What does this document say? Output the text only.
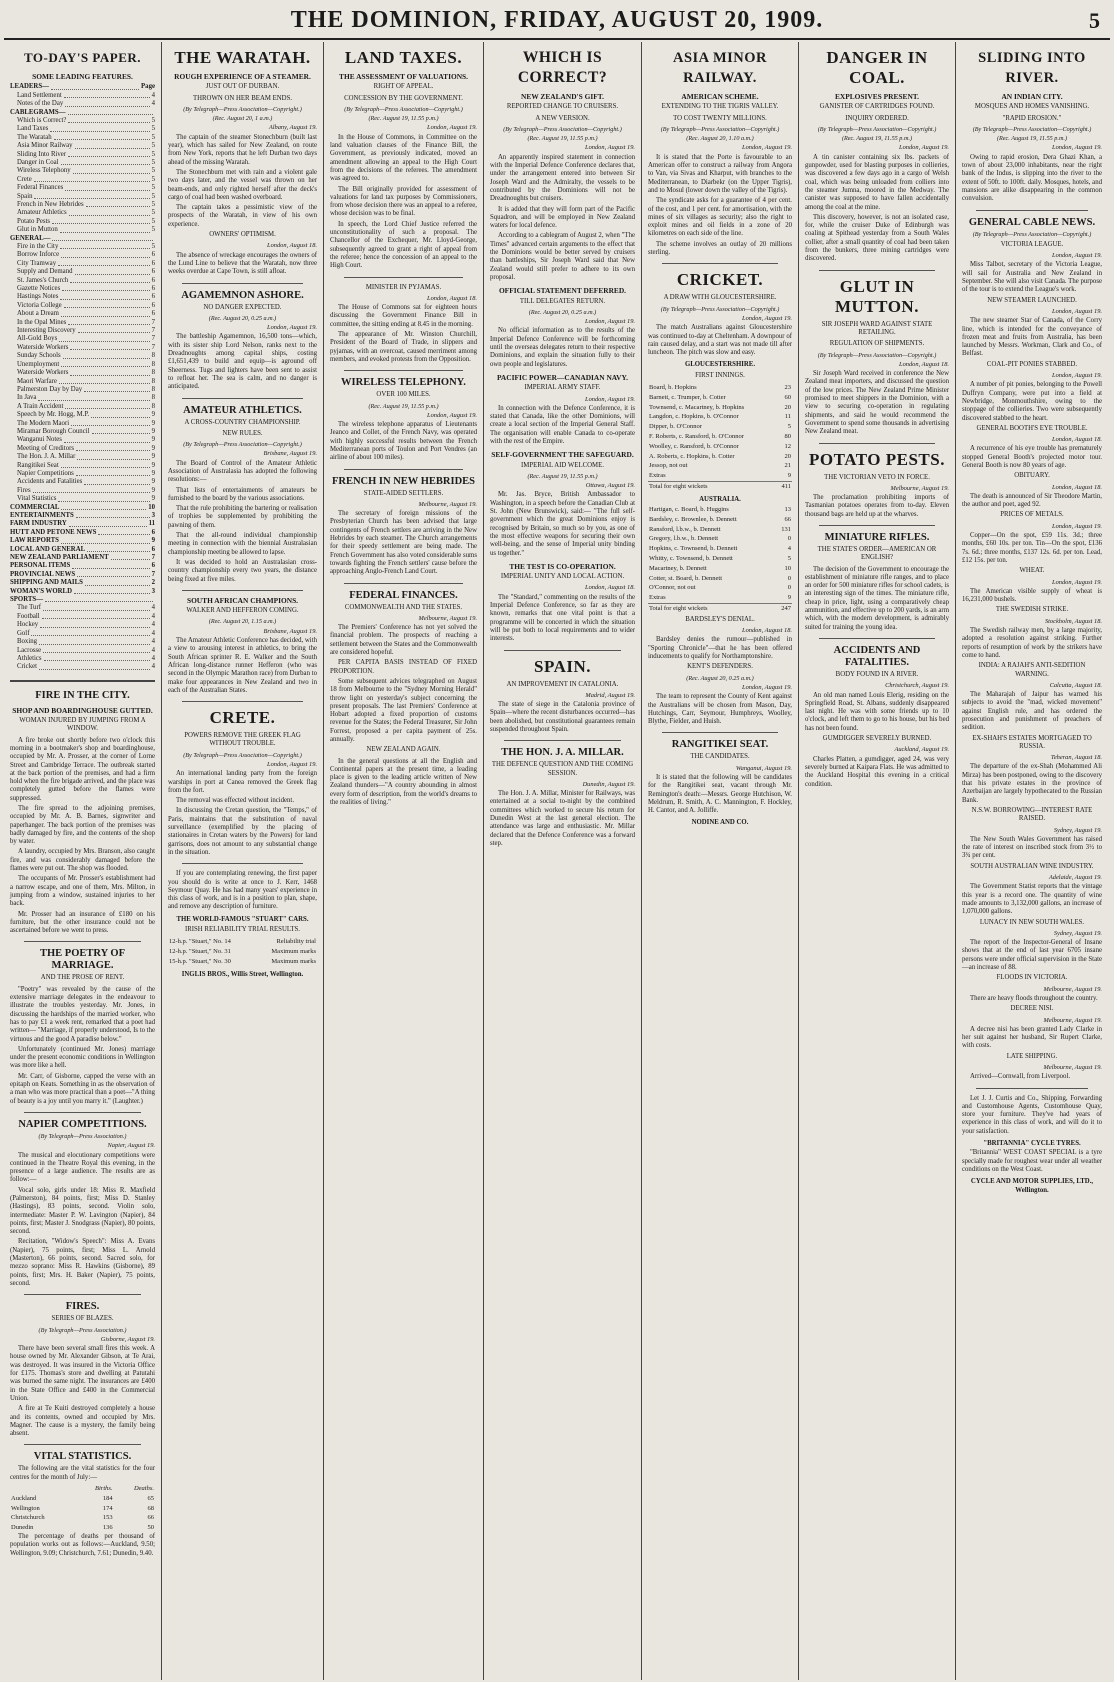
THE DOMINION, FRIDAY, AUGUST 20, 1909.	5
TO-DAY'S PAPER.
SOME LEADING FEATURES.
LEADERS—	Page
Land Settlement	4
Notes of the Day	4
CABLEGRAMS—
Which is Correct?	5
Land Taxes	5
The Waratah	5
Asia Minor Railway	5
Sliding Into River	5
Danger in Coal	5
Wireless Telephony	5
Crete	5
Federal Finances	5
Spain	5
French in New Hebrides	5
Amateur Athletics	5
Potato Pests	5
Glut in Mutton	5
GENERAL—
Fire in the City	5
Borrow Inforce	6
City Tramway	6
Supply and Demand	6
St. James's Church	6
Gazette Notices	6
Hastings Notes	6
Victoria College	6
About a Dream	6
In the Opal Mines	7
Interesting Discovery	7
All-Gold Boys	7
Waterside Workers	7
Sunday Schools	8
Unemployment	8
Waterside Workers	8
Maori Warfare	8
Palmerston Day by Day	8
In Java	8
A Train Accident	8
Speech by Mr. Hogg, M.P.	9
The Modern Maori	9
Miramar Borough Council	9
Wanganui Notes	9
Meeting of Creditors	9
The Hon. J. A. Millar	9
Rangitikei Seat	9
Napier Competitions	9
Accidents and Fatalities	9
Fires	9
Vital Statistics	9
COMMERCIAL	10
ENTERTAINMENTS	3
FARM INDUSTRY	11
HUTT AND PETONE NEWS	6
LAW REPORTS	9
LOCAL AND GENERAL	6
NEW ZEALAND PARLIAMENT	7
PERSONAL ITEMS	6
PROVINCIAL NEWS	7
SHIPPING AND MAILS	2
WOMAN'S WORLD	3
SPORTS—
The Turf	4
Football	4
Hockey	4
Golf	4
Boxing	4
Lacrosse	4
Athletics	4
Cricket	4
FIRE IN THE CITY.
SHOP AND BOARDINGHOUSE GUTTED.
WOMAN INJURED BY JUMPING FROM A WINDOW.

A fire broke out shortly before two o'clock this morning in a bootmaker's shop and boardinghouse, occupied by Mr. A. Prosser, at the corner of Lorne Street and Cambridge Terrace. The outbreak started at the back portion of the premises, and had a firm hold when the fire brigade arrived, and the place was completely gutted before the flames were suppressed.

The fire spread to the adjoining premises, occupied by Mr. A. B. Barnes, signwriter and paperhanger. The back portion of the premises was badly damaged by fire, and the contents of the shop by water.

A laundry, occupied by Mrs. Branson, also caught fire, and was considerably damaged before the flames were put out. The shop was flooded.

The occupants of Mr. Prosser's establishment had a narrow escape, and one of them, Mrs. Milton, in jumping from a window, sustained injuries to her back.

Mr. Prosser had an insurance of £180 on his furniture, but the other insurance could not be ascertained before we went to press.

THE POETRY OF MARRIAGE.
AND THE PROSE OF RENT.

"Poetry" was revealed by the cause of the extensive marriage delegates in the endeavour to illustrate the troubles yesterday. Mr. Jones, in discussing the hardships of the married worker, who has to pay £1 a week rent, remarked that a poet had written— "Marriage, if properly understood, Is to the virtuous and the good A paradise below."

Unfortunately (continued Mr. Jones) marriage under the present economic conditions in Wellington was more like a hell.

Mr. Carr, of Gisborne, capped the verse with an epitaph on Keats. Something in as the observation of a man who was more practical than a poet—"A thing of beauty is a joy until you marry it." (Laughter.)

NAPIER COMPETITIONS.
(By Telegraph—Press Association.)
Napier, August 19.

The musical and elocutionary competitions were continued in the Theatre Royal this evening, in the presence of a large audience. The results are as follow:—

Vocal solo, girls under 18: Miss R. Maxfield (Palmerston), 84 points, first; Miss D. Stanley (Hastings), 83 points, second. Violin solo, intermediate: Master P. W. Lavington (Napier), 84 points, first; Master J. Snodgrass (Napier), 80 points, second.

Recitation, "Widow's Speech": Miss A. Evans (Napier), 75 points, first; Miss L. Arnold (Masterton), 66 points, second. Sacred solo, for mezzo soprano: Miss R. Hawkins (Gisborne), 89 points, first; Mrs. H. Baker (Napier), 75 points, second.

FIRES.
SERIES OF BLAZES.
(By Telegraph—Press Association.)
Gisborne, August 19.

There have been several small fires this week. A house owned by Mr. Alexander Gibson, at Te Arai, was destroyed. It was insured in the Victoria Office for £175. Thomas's store and dwelling at Patutahi was burned the same night. The insurances are £400 in the State Office and £400 in the Commercial Union.

A fire at Te Kuiti destroyed completely a house and its contents, owned and occupied by Mrs. Magner. The cause is a mystery, the family being absent.

VITAL STATISTICS.

The following are the vital statistics for the four centres for the month of July:—

	Births.	Deaths.
Auckland	184	65
Wellington	174	68
Christchurch	153	66
Dunedin	136	50

The percentage of deaths per thousand of population works out as follows:—Auckland, 9.50; Wellington, 9.09; Christchurch, 7.61; Dunedin, 9.40.

THE WARATAH.
ROUGH EXPERIENCE OF A STEAMER.
JUST OUT OF DURBAN.
THROWN ON HER BEAM ENDS.
(By Telegraph—Press Association—Copyright.)
(Rec. August 20, 1 a.m.)
Albany, August 19.

The captain of the steamer Stonechburn (built last year), which has sailed for New Zealand, on route from New York, reports that he left Durban two days ahead of the missing Waratah.

The Stonechburn met with rain and a violent gale two days later, and the vessel was thrown on her beam-ends, and only righted herself after the deck's cargo of coal had been washed overboard.

The captain takes a pessimistic view of the prospects of the Waratah, in view of his own experience.

OWNERS' OPTIMISM.
London, August 18.

The absence of wreckage encourages the owners of the Lund Line to believe that the Waratah, now three weeks overdue at Cape Town, is still afloat.

AGAMEMNON ASHORE.
NO DANGER EXPECTED.
(Rec. August 20, 0.25 a.m.)
London, August 19.

The battleship Agamemnon, 16,500 tons—which, with its sister ship Lord Nelson, ranks next to the Dreadnoughts among capital ships, costing £1,651,439 to build and equip—is aground off Sheerness. Tugs and lighters have been sent to assist to refloat her. The sea is calm, and no danger is anticipated.

AMATEUR ATHLETICS.
A CROSS-COUNTRY CHAMPIONSHIP.
NEW RULES.
(By Telegraph—Press Association—Copyright.)
Brisbane, August 19.

The Board of Control of the Amateur Athletic Association of Australasia has adopted the following resolutions:—

That lists of entertainments of amateurs be furnished to the board by the various associations.

That the rule prohibiting the bartering or realisation of trophies be supplemented by prohibiting the pawning of them.

That the all-round individual championship meeting in connection with the biennial Australasian championship meeting be allowed to lapse.

It was decided to hold an Australasian cross-country championship every two years, the distance being fixed at five miles.

SOUTH AFRICAN CHAMPIONS.
WALKER AND HEFFERON COMING.
(Rec. August 20, 1.15 a.m.)
Brisbane, August 19.

The Amateur Athletic Conference has decided, with a view to arousing interest in athletics, to bring the South African sprinter R. E. Walker and the South African long-distance runner Hefferon (who was second in the Olympic Marathon race) from Durban to make four appearances in New Zealand and two in each of the Australian States.

CRETE.
POWERS REMOVE THE GREEK FLAG WITHOUT TROUBLE.
(By Telegraph—Press Association—Copyright.)
London, August 19.

An international landing party from the foreign warships in port at Canea removed the Greek flag from the fort.

The removal was effected without incident.

In discussing the Cretan question, the "Temps," of Paris, maintains that the substitution of naval surveillance (exemplified by the placing of stationaires in Cretan waters by the Powers) for land garrisons, does not amount to any substantial change in the situation.

If you are contemplating renewing, the first paper you should do is write at once to J. Kerr, 1468 Seymour Quay. He has had many years' experience in this class of work, and is in a position to plan, shape, and remove any description of furniture.

THE WORLD-FAMOUS "STUART" CARS.
IRISH RELIABILITY TRIAL RESULTS.
12-h.p. "Stuart," No. 14	Reliability trial
12-h.p. "Stuart," No. 31	Maximum marks
15-h.p. "Stuart," No. 30	Maximum marks
INGLIS BROS., Willis Street, Wellington.
LAND TAXES.
THE ASSESSMENT OF VALUATIONS.
RIGHT OF APPEAL.
CONCESSION BY THE GOVERNMENT.
(By Telegraph—Press Association—Copyright.)
(Rec. August 19, 11.55 p.m.)
London, August 19.

In the House of Commons, in Committee on the land valuation clauses of the Finance Bill, the Government, as previously indicated, moved an amendment allowing an appeal to the High Court from the decisions of the referees. The amendment was agreed to.

The Bill originally provided for assessment of valuations for land tax purposes by Commissioners, from whose decision there was an appeal to a referee, whose decision was to be final.

In speech, the Lord Chief Justice referred the unconstitutionality of such a proposal. The Chancellor of the Exchequer, Mr. Lloyd-George, subsequently agreed to grant a right of appeal from the referee; hence the concession of an appeal to the High Court.

MINISTER IN PYJAMAS.
London, August 18.

The House of Commons sat for eighteen hours discussing the Government Finance Bill in committee, the sitting ending at 8.45 in the morning.

The appearance of Mr. Winston Churchill, President of the Board of Trade, in slippers and pyjamas, with an overcoat, caused merriment among members, and evoked protests from the Opposition.

WIRELESS TELEPHONY.
OVER 100 MILES.
(Rec. August 19, 11.55 p.m.)
London, August 19.

The wireless telephone apparatus of Lieutenants Jeanco and Collet, of the French Navy, was operated with highly successful results between the French Mediterranean ports of Toulon and Port Vendres (an airline of about 100 miles).

FRENCH IN NEW HEBRIDES
STATE-AIDED SETTLERS.
Melbourne, August 19.

The secretary of foreign missions of the Presbyterian Church has been advised that large contingents of French settlers are arriving in the New Hebrides by each steamer. The Church arrangements for their speedy settlement are being made. The French Government has also voted considerable sums towards fighting the French settlers' cause before the approaching Anglo-French Land Court.

FEDERAL FINANCES.
COMMONWEALTH AND THE STATES.
Melbourne, August 19.

The Premiers' Conference has not yet solved the financial problem. The prospects of reaching a settlement between the States and the Commonwealth are considered hopeful.

PER CAPITA BASIS INSTEAD OF FIXED PROPORTION.

Some subsequent advices telegraphed on August 18 from Melbourne to the "Sydney Morning Herald" throw light on yesterday's subject concerning the present proposals. The last Premiers' Conference at Hobart adopted a fixed proportion of customs revenue for the States; the Federal Treasurer, Sir John Forrest, proposed a per capita payment of 25s. annually.

NEW ZEALAND AGAIN.

In the general questions at all the English and Continental papers at the present time, a leading place is given to the leading article written of New Zealand thunders—"A country abounding in almost every form of description, from the world's dreams to the realities of living."

WHICH IS CORRECT?
NEW ZEALAND'S GIFT.
REPORTED CHANGE TO CRUISERS.
A NEW VERSION.
(By Telegraph—Press Association—Copyright.)
(Rec. August 19, 11.55 p.m.)
London, August 19.

An apparently inspired statement in connection with the Imperial Defence Conference declares that, under the arrangement entered into between Sir Joseph Ward and the Admiralty, the vessels to be contributed by the Dominions will not be Dreadnoughts but cruisers.

It is added that they will form part of the Pacific Squadron, and will be employed in New Zealand waters for local defence.

According to a cablegram of August 2, when "The Times" advanced certain arguments to the effect that the Dominions would be better served by cruisers than battleships, Sir Joseph Ward said that New Zealand would still prefer to adhere to its own proposal.

OFFICIAL STATEMENT DEFERRED.
TILL DELEGATES RETURN.
(Rec. August 20, 0.25 a.m.)
London, August 19.

No official information as to the results of the Imperial Defence Conference will be forthcoming until the overseas delegates return to their respective Dominions, and explain the situation fully to their own people and legislatures.

PACIFIC POWER—CANADIAN NAVY.
IMPERIAL ARMY STAFF.
London, August 19.

In connection with the Defence Conference, it is stated that Canada, like the other Dominions, will create a local section of the Imperial General Staff. The organisation will enable Canada to co-operate with the rest of the Empire.

SELF-GOVERNMENT THE SAFEGUARD.
IMPERIAL AID WELCOME.
(Rec. August 19, 11.55 p.m.)
Ottawa, August 19.

Mr. Jas. Bryce, British Ambassador to Washington, in a speech before the Canadian Club at St. John (New Brunswick), said:— "The full self-government which the great Dominions enjoy is recognised by Britain, so much so by you, as one of the most effective weapons for securing their own well-being, and the sense of Imperial unity binding us together."

THE TEST IS CO-OPERATION.
IMPERIAL UNITY AND LOCAL ACTION.
London, August 18.

The "Standard," commenting on the results of the Imperial Defence Conference, so far as they are known, remarks that one vital point is that a programme will be concerted in which the situation will be put both to local requirements and to wider interests.

SPAIN.
AN IMPROVEMENT IN CATALONIA.
Madrid, August 19.

The state of siege in the Catalonia province of Spain—where the recent disturbances occurred—has been abolished, but constitutional guarantees remain suspended throughout Spain.

THE HON. J. A. MILLAR.
THE DEFENCE QUESTION AND THE COMING SESSION.
Dunedin, August 19.

The Hon. J. A. Millar, Minister for Railways, was entertained at a social to-night by the combined committees which worked to secure his return for Dunedin West at the last general election. The attendance was large and enthusiastic. Mr. Millar declared that the Defence Conference was a forward step.

ASIA MINOR RAILWAY.
AMERICAN SCHEME.
EXTENDING TO THE TIGRIS VALLEY.
TO COST TWENTY MILLIONS.
(By Telegraph—Press Association—Copyright.)
(Rec. August 20, 1.10 a.m.)
London, August 19.

It is stated that the Porte is favourable to an American offer to construct a railway from Angora to Van, via Sivas and Kharput, with branches to the Mediterranean, to Diarbekr (on the Upper Tigris), and to Mosul (lower down the valley of the Tigris).

The syndicate asks for a guarantee of 4 per cent. of the cost, and 1 per cent. for amortisation, with the mines of six villages as security; also the right to exploit mines and oil fields in a zone of 20 kilometres on each side of the line.

The scheme involves an outlay of 20 millions sterling.

CRICKET.
A DRAW WITH GLOUCESTERSHIRE.
(By Telegraph—Press Association—Copyright.)
London, August 19.

The match Australians against Gloucestershire was continued to-day at Cheltenham. A downpour of rain caused delay, and a start was not made till after luncheon. The pitch was slow and easy.

GLOUCESTERSHIRE.
FIRST INNINGS.
Board, b. Hopkins	23
Barnett, c. Trumper, b. Cotter	60
Townsend, c. Macartney, b. Hopkins	20
Langdon, c. Hopkins, b. O'Connor	11
Dipper, b. O'Connor	5
F. Roberts, c. Ransford, b. O'Connor	80
Woolley, c. Ransford, b. O'Connor	12
A. Roberts, c. Hopkins, b. Cotter	20
Jessop, not out	21
Extras	9
Total for eight wickets	411
AUSTRALIA.
Hartigan, c. Board, b. Huggins	13
Bardsley, c. Brownlee, b. Dennett	66
Ransford, l.b.w., b. Dennett	131
Gregory, l.b.w., b. Dennett	0
Hopkins, c. Townsend, b. Dennett	4
Whitty, c. Townsend, b. Dennett	5
Macartney, b. Dennett	10
Cotter, st. Board, b. Dennett	0
O'Connor, not out	0
Extras	9
Total for eight wickets	247
BARDSLEY'S DENIAL.
London, August 18.

Bardsley denies the rumour—published in "Sporting Chronicle"—that he has been offered inducements to qualify for Northamptonshire.

KENT'S DEFENDERS.
(Rec. August 20, 0.25 a.m.)
London, August 19.

The team to represent the County of Kent against the Australians will be chosen from Mason, Day, Hutchings, Carr, Seymour, Humphreys, Woolley, Blythe, Fielder, and Huish.

RANGITIKEI SEAT.
THE CANDIDATES.
Wanganui, August 19.

It is stated that the following will be candidates for the Rangitikei seat, vacant through Mr. Remington's death:—Messrs. George Hutchison, W. Meldrum, R. Smith, A. C. Mannington, F. Hockley, H. Cantor, and A. Jolliffe.

NODINE AND CO.
DANGER IN COAL.
EXPLOSIVES PRESENT.
GANISTER OF CARTRIDGES FOUND.
INQUIRY ORDERED.
(By Telegraph—Press Association—Copyright.)
(Rec. August 19, 11.55 p.m.)
London, August 19.

A tin canister containing six lbs. packets of gunpowder, used for blasting purposes in collieries, was discovered a few days ago in a cargo of Welsh coal, which was being unloaded from colliers into the steamer Jumna, moored in the Medway. The canister was supposed to have fallen accidentally among the coal at the mine.

This discovery, however, is not an isolated case, for, while the cruiser Duke of Edinburgh was coaling at Spithead yesterday from a South Wales collier, after a small quantity of coal had been taken from the bunkers, three mining cartridges were discovered.

GLUT IN MUTTON.
SIR JOSEPH WARD AGAINST STATE RETAILING.
REGULATION OF SHIPMENTS.
(By Telegraph—Press Association—Copyright.)
London, August 18.

Sir Joseph Ward received in conference the New Zealand meat importers, and discussed the question of the low prices. The New Zealand Prime Minister promised to meet shippers in the Dominion, with a view to securing co-operation in regulating shipments, and said he would recommend the Government to spend some thousands in advertising New Zealand meat.

POTATO PESTS.
THE VICTORIAN VETO IN FORCE.
Melbourne, August 19.

The proclamation prohibiting imports of Tasmanian potatoes operates from to-day. Eleven thousand bags are held up at the wharves.

MINIATURE RIFLES.
THE STATE'S ORDER—AMERICAN OR ENGLISH?

The decision of the Government to encourage the establishment of miniature rifle ranges, and to place an order for 500 miniature rifles for school cadets, is an interesting sign of the times. The miniature rifle, cheap in price, light, using a comparatively cheap ammunition, and effective up to 200 yards, is an arm which, with the modern development, is admirably suited for training the young idea.

ACCIDENTS AND FATALITIES.
BODY FOUND IN A RIVER.
Christchurch, August 19.

An old man named Louis Elerig, residing on the Springfield Road, St. Albans, suddenly disappeared last night. He was with some friends up to 10 o'clock, and left them to go to his house, but his bed has not been found.

GUMDIGGER SEVERELY BURNED.
Auckland, August 19.

Charles Platten, a gumdigger, aged 24, was very severely burned at Kaipara Flats. He was admitted to the Auckland Hospital this evening in a critical condition.

SLIDING INTO RIVER.
AN INDIAN CITY.
MOSQUES AND HOMES VANISHING.
"RAPID EROSION."
(By Telegraph—Press Association—Copyright.)
(Rec. August 19, 11.55 p.m.)
London, August 19.

Owing to rapid erosion, Dera Ghazi Khan, a town of about 23,000 inhabitants, near the right bank of the Indus, is slipping into the river to the extent of 50ft. to 100ft. daily. Mosques, hotels, and mansions are alike disappearing in the common convulsion.

GENERAL CABLE NEWS.
(By Telegraph—Press Association—Copyright.)
VICTORIA LEAGUE.
London, August 19.

Miss Talbot, secretary of the Victoria League, will sail for Australia and New Zealand in September. She will also visit Canada. The purpose of the tour is to extend the League's work.

NEW STEAMER LAUNCHED.
London, August 19.

The new steamer Star of Canada, of the Corry line, which is intended for the conveyance of frozen meat and fruits from Australia, has been launched by Messrs. Workman, Clark and Co., of Belfast.

COAL-PIT PONIES STABBED.
London, August 19.

A number of pit ponies, belonging to the Powell Duffryn Company, were put into a field at Newbridge, Monmouthshire, owing to the stoppage of the collieries. Two were subsequently discovered stabbed to the heart.

GENERAL BOOTH'S EYE TROUBLE.
London, August 18.

A recurrence of his eye trouble has prematurely stopped General Booth's projected motor tour. General Booth is now 80 years of age.

OBITUARY.
London, August 18.

The death is announced of Sir Theodore Martin, the author and poet, aged 92.

PRICES OF METALS.
London, August 19.

Copper—On the spot, £59 11s. 3d.; three months, £60 10s. per ton. Tin—On the spot, £136 7s. 6d.; three months, £137 12s. 6d. per ton. Lead, £12 15s. per ton.

WHEAT.
London, August 19.

The American visible supply of wheat is 16,231,000 bushels.

THE SWEDISH STRIKE.
Stockholm, August 18.

The Swedish railway men, by a large majority, adopted a resolution against striking. Further reports of resumption of work by the strikers have come to hand.

INDIA: A RAJAH'S ANTI-SEDITION WARNING.
Calcutta, August 18.

The Maharajah of Jaipur has warned his subjects to avoid the "mad, wicked movement" against English rule, and has ordered the prosecution and punishment of preachers of sedition.

EX-SHAH'S ESTATES MORTGAGED TO RUSSIA.
Teheran, August 18.

The departure of the ex-Shah (Mohammed Ali Mirza) has been postponed, owing to the discovery that his private estates in the province of Azerbaijan are largely hypothecated to the Russian Bank.

N.S.W. BORROWING—INTEREST RATE RAISED.
Sydney, August 19.

The New South Wales Government has raised the rate of interest on inscribed stock from 3½ to 3¾ per cent.

SOUTH AUSTRALIAN WINE INDUSTRY.
Adelaide, August 19.

The Government Statist reports that the vintage this year is a record one. The quantity of wine made amounts to 3,132,000 gallons, an increase of 1,070,000 gallons.

LUNACY IN NEW SOUTH WALES.
Sydney, August 19.

The report of the Inspector-General of Insane shows that at the end of last year 6705 insane persons were under official supervision in the State—an increase of 88.

FLOODS IN VICTORIA.
Melbourne, August 19.

There are heavy floods throughout the country.

DECREE NISI.
Melbourne, August 19.

A decree nisi has been granted Lady Clarke in her suit against her husband, Sir Rupert Clarke, with costs.

LATE SHIPPING.
Melbourne, August 19.

Arrived—Cornwall, from Liverpool.

Let J. J. Curtis and Co., Shipping, Forwarding and Customhouse Agents, Customhouse Quay, store your furniture. They've had years of experience in this class of work, and will do it to your satisfaction.

"BRITANNIA" CYCLE TYRES.

"Britannia" WEST COAST SPECIAL is a tyre specially made for roughest wear under all weather conditions on the West Coast.

CYCLE AND MOTOR SUPPLIES, LTD., Wellington.
